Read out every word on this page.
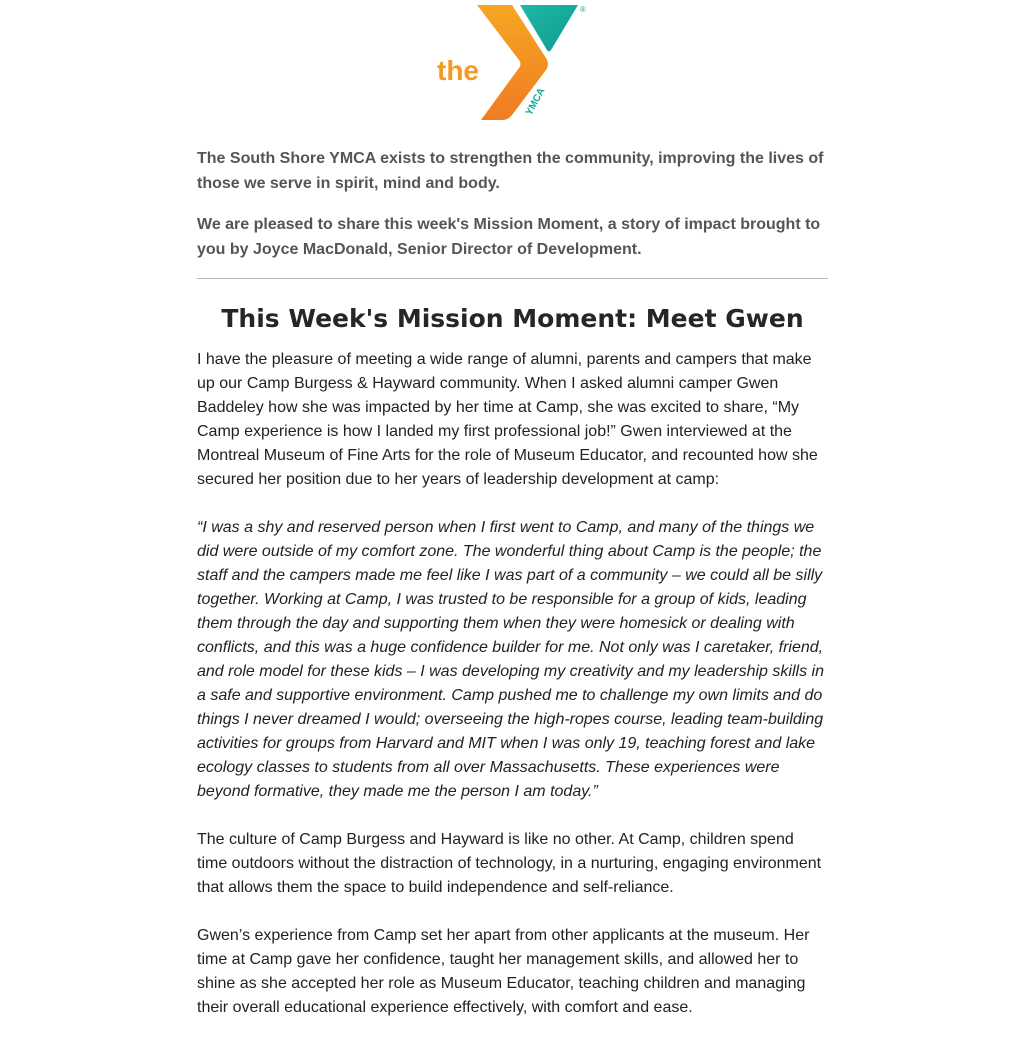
the
YMCA
®

The South Shore YMCA exists to strengthen the community, improving the lives of those we serve in spirit, mind and body.

We are pleased to share this week's Mission Moment, a story of impact brought to you by Joyce MacDonald, Senior Director of Development.

This Week's Mission Moment: Meet Gwen

I have the pleasure of meeting a wide range of alumni, parents and campers that make up our Camp Burgess & Hayward community. When I asked alumni camper Gwen Baddeley how she was impacted by her time at Camp, she was excited to share, “My Camp experience is how I landed my first professional job!” Gwen interviewed at the Montreal Museum of Fine Arts for the role of Museum Educator, and recounted how she secured her position due to her years of leadership development at camp:

“I was a shy and reserved person when I first went to Camp, and many of the things we did were outside of my comfort zone. The wonderful thing about Camp is the people; the staff and the campers made me feel like I was part of a community – we could all be silly together. Working at Camp, I was trusted to be responsible for a group of kids, leading them through the day and supporting them when they were homesick or dealing with conflicts, and this was a huge confidence builder for me. Not only was I caretaker, friend, and role model for these kids – I was developing my creativity and my leadership skills in a safe and supportive environment. Camp pushed me to challenge my own limits and do things I never dreamed I would; overseeing the high-ropes course, leading team-building activities for groups from Harvard and MIT when I was only 19, teaching forest and lake ecology classes to students from all over Massachusetts. These experiences were beyond formative, they made me the person I am today.”

The culture of Camp Burgess and Hayward is like no other. At Camp, children spend time outdoors without the distraction of technology, in a nurturing, engaging environment that allows them the space to build independence and self-reliance.

Gwen’s experience from Camp set her apart from other applicants at the museum. Her time at Camp gave her confidence, taught her management skills, and allowed her to shine as she accepted her role as Museum Educator, teaching children and managing their overall educational experience effectively, with comfort and ease.
